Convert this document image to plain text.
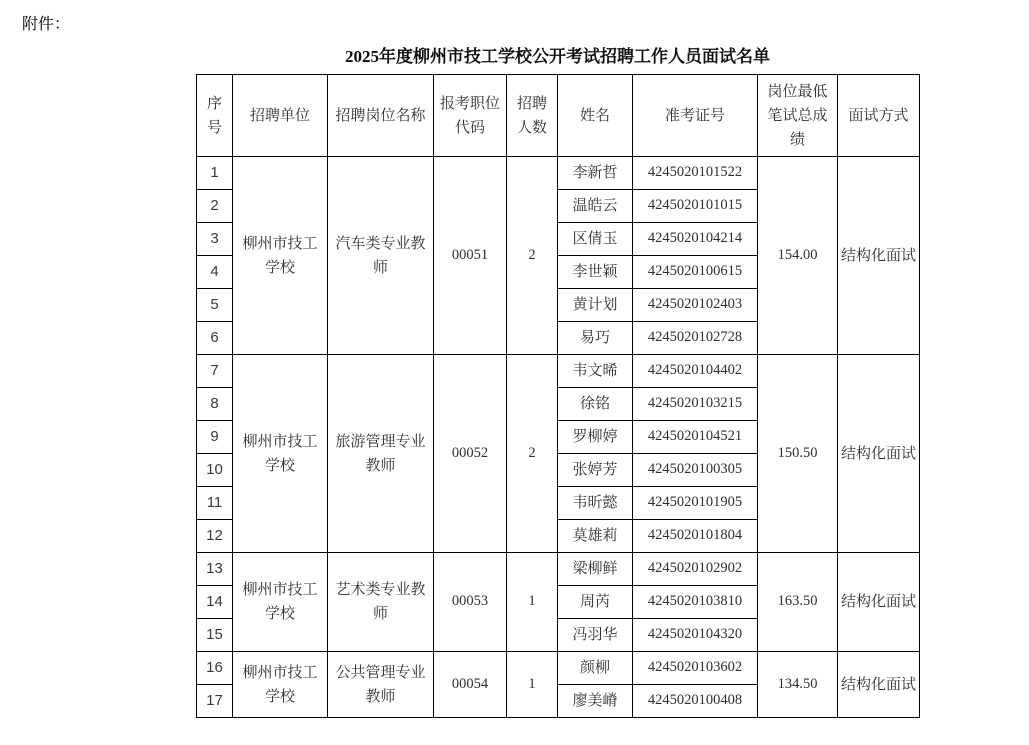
附件：
2025年度柳州市技工学校公开考试招聘工作人员面试名单
序号	招聘单位	招聘岗位名称	报考职位代码	招聘人数	姓名	准考证号	岗位最低笔试总成绩	面试方式
1	柳州市技工学校	汽车类专业教师	00051	2	李新哲	4245020101522	154.00	结构化面试
2					温皓云	4245020101015		
3					区倩玉	4245020104214		
4					李世颖	4245020100615		
5					黄计划	4245020102403		
6					易巧	4245020102728		
7	柳州市技工学校	旅游管理专业教师	00052	2	韦文晞	4245020104402	150.50	结构化面试
8					徐铭	4245020103215		
9					罗柳婷	4245020104521		
10					张婷芳	4245020100305		
11					韦昕懿	4245020101905		
12					莫雄莉	4245020101804		
13	柳州市技工学校	艺术类专业教师	00053	1	梁柳鲜	4245020102902	163.50	结构化面试
14					周芮	4245020103810		
15					冯羽华	4245020104320		
16	柳州市技工学校	公共管理专业教师	00054	1	颜柳	4245020103602	134.50	结构化面试
17					廖美嵴	4245020100408		
